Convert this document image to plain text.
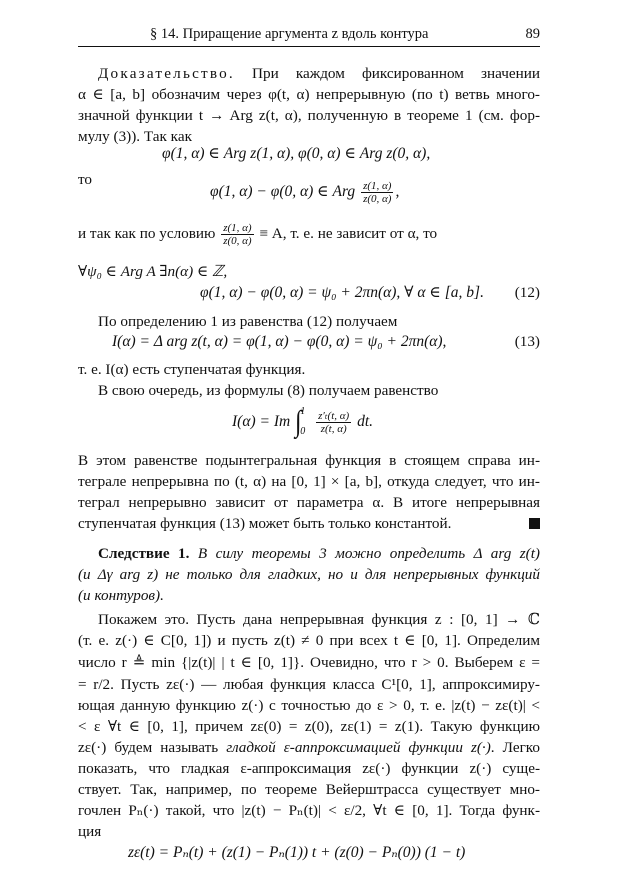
§ 14. Приращение аргумента z вдоль контура	89
Доказательство. При каждом фиксированном значении
α ∈ [a, b] обозначим через φ(t, α) непрерывную (по t) ветвь много-
значной функции t → Arg z(t, α), полученную в теореме 1 (см. фор-
мулу (3)). Так как
φ(1, α) ∈ Arg z(1, α), φ(0, α) ∈ Arg z(0, α),
то
φ(1, α) − φ(0, α) ∈ Arg $\frac{z(1, \alpha)}{z(0, \alpha)}$ ,
и так как по условию $\frac{z(1, \alpha)}{z(0, \alpha)} \equiv A$, т. е. не зависит от α, то
∀ψ₀ ∈ Arg A ∃n(α) ∈ ℤ,
φ(1, α) − φ(0, α) = ψ₀ + 2πn(α), ∀ α ∈ [a, b]. (12)
По определению 1 из равенства (12) получаем
I(α) = Δ arg z(t, α) = φ(1, α) − φ(0, α) = ψ₀ + 2πn(α),	(13)
т. е. I(α) есть ступенчатая функция.
В свою очередь, из формулы (8) получаем равенство
I(α) = Im ∫
1
0
$\frac{\text{z′ₜ(t, α)}}{z(t, \alpha)}$ dt.
В этом равенстве подынтегральная функция в стоящем справа ин-
теграле непрерывна по (t, α) на [0, 1] × [a, b], откуда следует, что ин-
теграл непрерывно зависит от параметра α. В итоге непрерывная
ступенчатая функция (13) может быть только константой.
Следствие 1. В силу теоремы 3 можно определить Δ arg z(t)
(и Δγ arg z) не только для гладких, но и для непрерывных функций
(и контуров).
Покажем это. Пусть дана непрерывная функция z : [0, 1] → ℂ
(т. е. z(·) ∈ C[0, 1]) и пусть z(t) ≠ 0 при всех t ∈ [0, 1]. Определим
число r ≜ min {|z(t)| | t ∈ [0, 1]}. Очевидно, что r > 0. Выберем ε =
= r/2. Пусть zε(·) — любая функция класса C¹[0, 1], аппроксимиру-
ющая данную функцию z(·) с точностью до ε > 0, т. е. |z(t) − zε(t)| <
< ε ∀t ∈ [0, 1], причем zε(0) = z(0), zε(1) = z(1). Такую функцию
zε(·) будем называть гладкой ε-аппроксимацией функции z(·). Легко
показать, что гладкая ε-аппроксимация zε(·) функции z(·) суще-
ствует. Так, например, по теореме Вейерштрасса существует мно-
гочлен Pₙ(·) такой, что |z(t) − Pₙ(t)| < ε/2, ∀t ∈ [0, 1]. Тогда функ-
ция
zε(t) = Pₙ(t) + (z(1) − Pₙ(1)) t + (z(0) − Pₙ(0)) (1 − t)
